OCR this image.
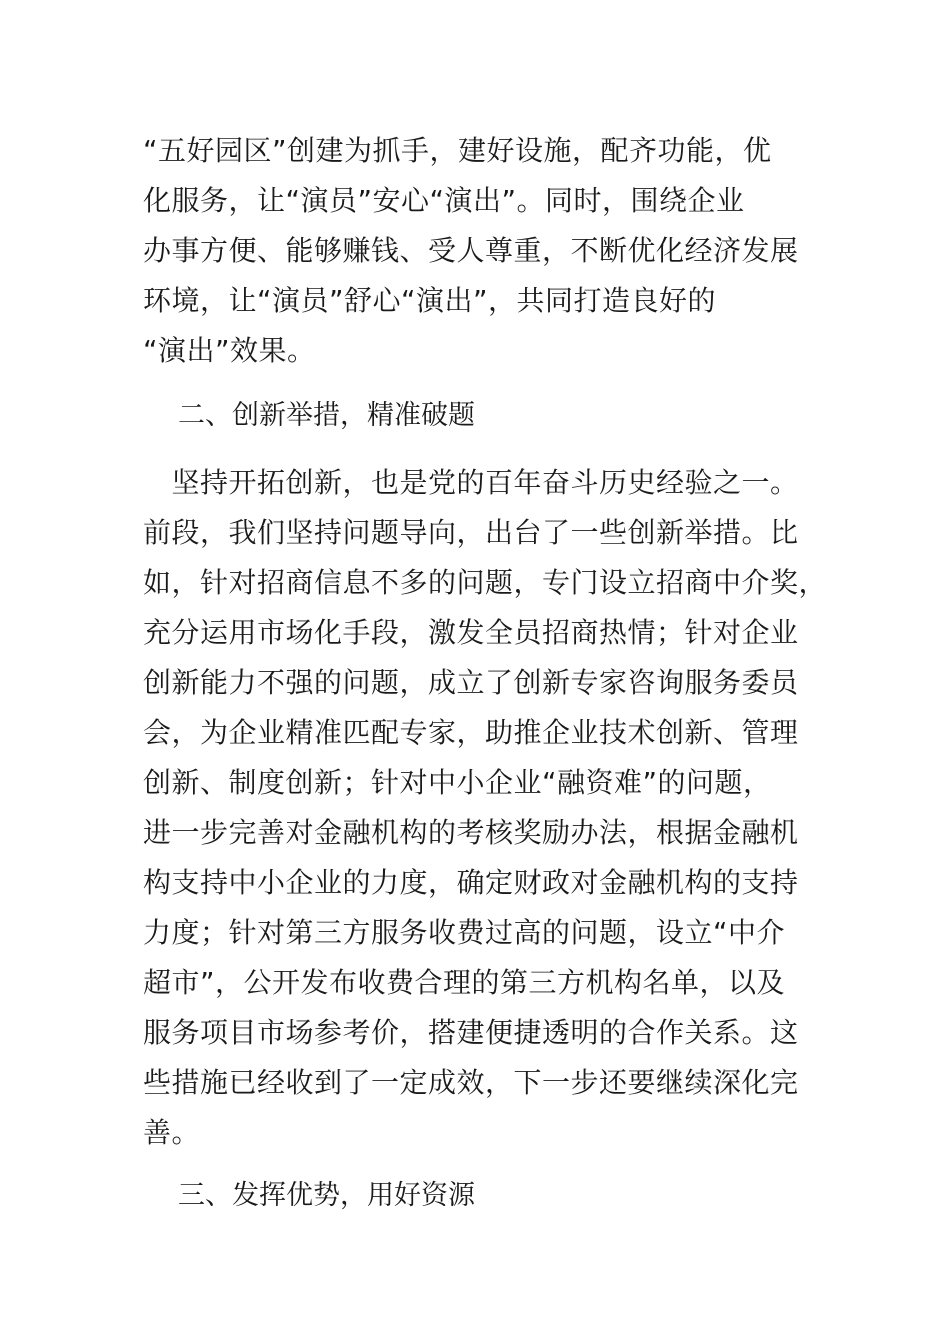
“五好园区”创建为抓手，建好设施，配齐功能，优
化服务，让“演员”安心“演出”。同时，围绕企业
办事方便、能够赚钱、受人尊重，不断优化经济发展
环境，让“演员”舒心“演出”，共同打造良好的
“演出”效果。
二、创新举措，精准破题
　坚持开拓创新，也是党的百年奋斗历史经验之一。
前段，我们坚持问题导向，出台了一些创新举措。比
如，针对招商信息不多的问题，专门设立招商中介奖，
充分运用市场化手段，激发全员招商热情；针对企业
创新能力不强的问题，成立了创新专家咨询服务委员
会，为企业精准匹配专家，助推企业技术创新、管理
创新、制度创新；针对中小企业“融资难”的问题，
进一步完善对金融机构的考核奖励办法，根据金融机
构支持中小企业的力度，确定财政对金融机构的支持
力度；针对第三方服务收费过高的问题，设立“中介
超市”，公开发布收费合理的第三方机构名单，以及
服务项目市场参考价，搭建便捷透明的合作关系。这
些措施已经收到了一定成效，下一步还要继续深化完
善。
三、发挥优势，用好资源
